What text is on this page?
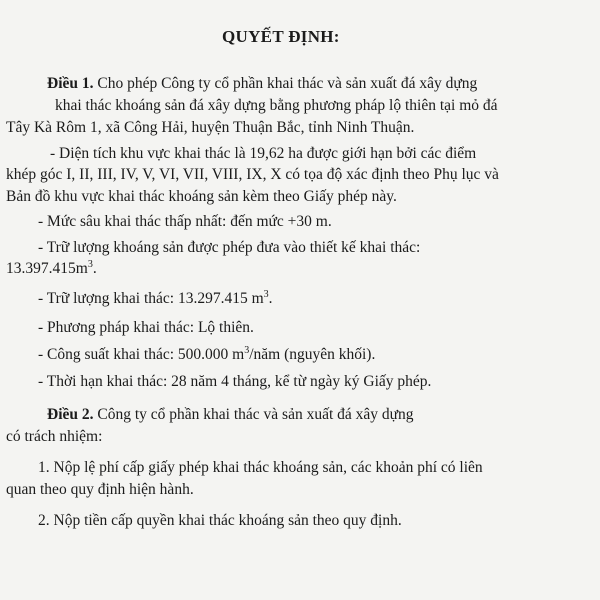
QUYẾT ĐỊNH:
Điều 1. Cho phép Công ty cổ phần khai thác và sản xuất đá xây dựng
khai thác khoáng sản đá xây dựng bằng phương pháp lộ thiên tại mỏ đá
Tây Kà Rôm 1, xã Công Hải, huyện Thuận Bắc, tỉnh Ninh Thuận.
- Diện tích khu vực khai thác là 19,62 ha được giới hạn bởi các điểm
khép góc I, II, III, IV, V, VI, VII, VIII, IX, X có tọa độ xác định theo Phụ lục và
Bản đồ khu vực khai thác khoáng sản kèm theo Giấy phép này.
- Mức sâu khai thác thấp nhất: đến mức +30 m.
- Trữ lượng khoáng sản được phép đưa vào thiết kế khai thác:
$13.397.415m^3$.
- Trữ lượng khai thác: 13.297.415 $m^3$.
- Phương pháp khai thác: Lộ thiên.
- Công suất khai thác: 500.000 $m^3$/năm (nguyên khối).
- Thời hạn khai thác: 28 năm 4 tháng, kể từ ngày ký Giấy phép.
Điều 2. Công ty cổ phần khai thác và sản xuất đá xây dựng
có trách nhiệm:
1. Nộp lệ phí cấp giấy phép khai thác khoáng sản, các khoản phí có liên
quan theo quy định hiện hành.
2. Nộp tiền cấp quyền khai thác khoáng sản theo quy định.
